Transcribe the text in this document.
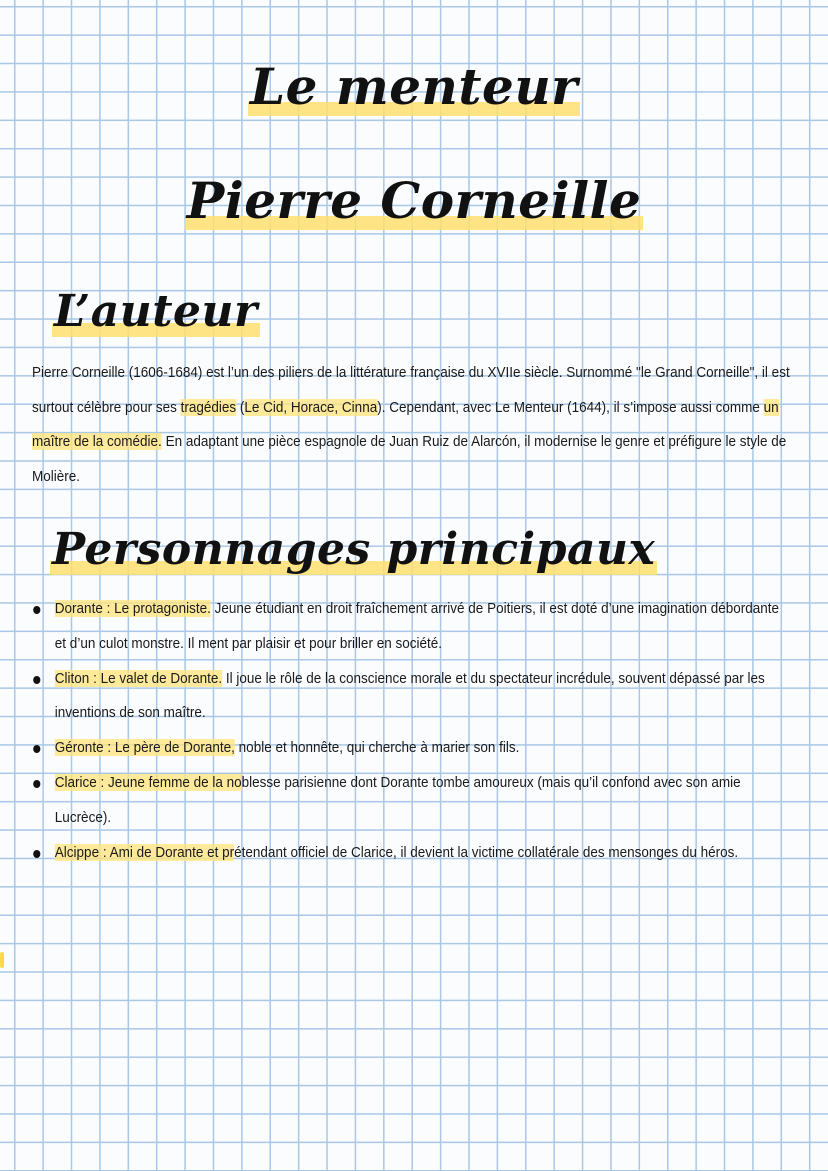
Le menteur
Pierre Corneille
L’auteur
Pierre Corneille (1606-1684) est l’un des piliers de la littérature française du XVIIe siècle. Surnommé "le Grand Corneille", il est surtout célèbre pour ses tragédies (Le Cid, Horace, Cinna). Cependant, avec Le Menteur (1644), il s’impose aussi comme un maître de la comédie. En adaptant une pièce espagnole de Juan Ruiz de Alarcón, il modernise le genre et préfigure le style de Molière.
Personnages principaux
Dorante : Le protagoniste. Jeune étudiant en droit fraîchement arrivé de Poitiers, il est doté d’une imagination débordante et d’un culot monstre. Il ment par plaisir et pour briller en société.
Cliton : Le valet de Dorante. Il joue le rôle de la conscience morale et du spectateur incrédule, souvent dépassé par les inventions de son maître.
Géronte : Le père de Dorante, noble et honnête, qui cherche à marier son fils.
Clarice : Jeune femme de la noblesse parisienne dont Dorante tombe amoureux (mais qu’il confond avec son amie Lucrèce).
Alcippe : Ami de Dorante et prétendant officiel de Clarice, il devient la victime collatérale des mensonges du héros.
